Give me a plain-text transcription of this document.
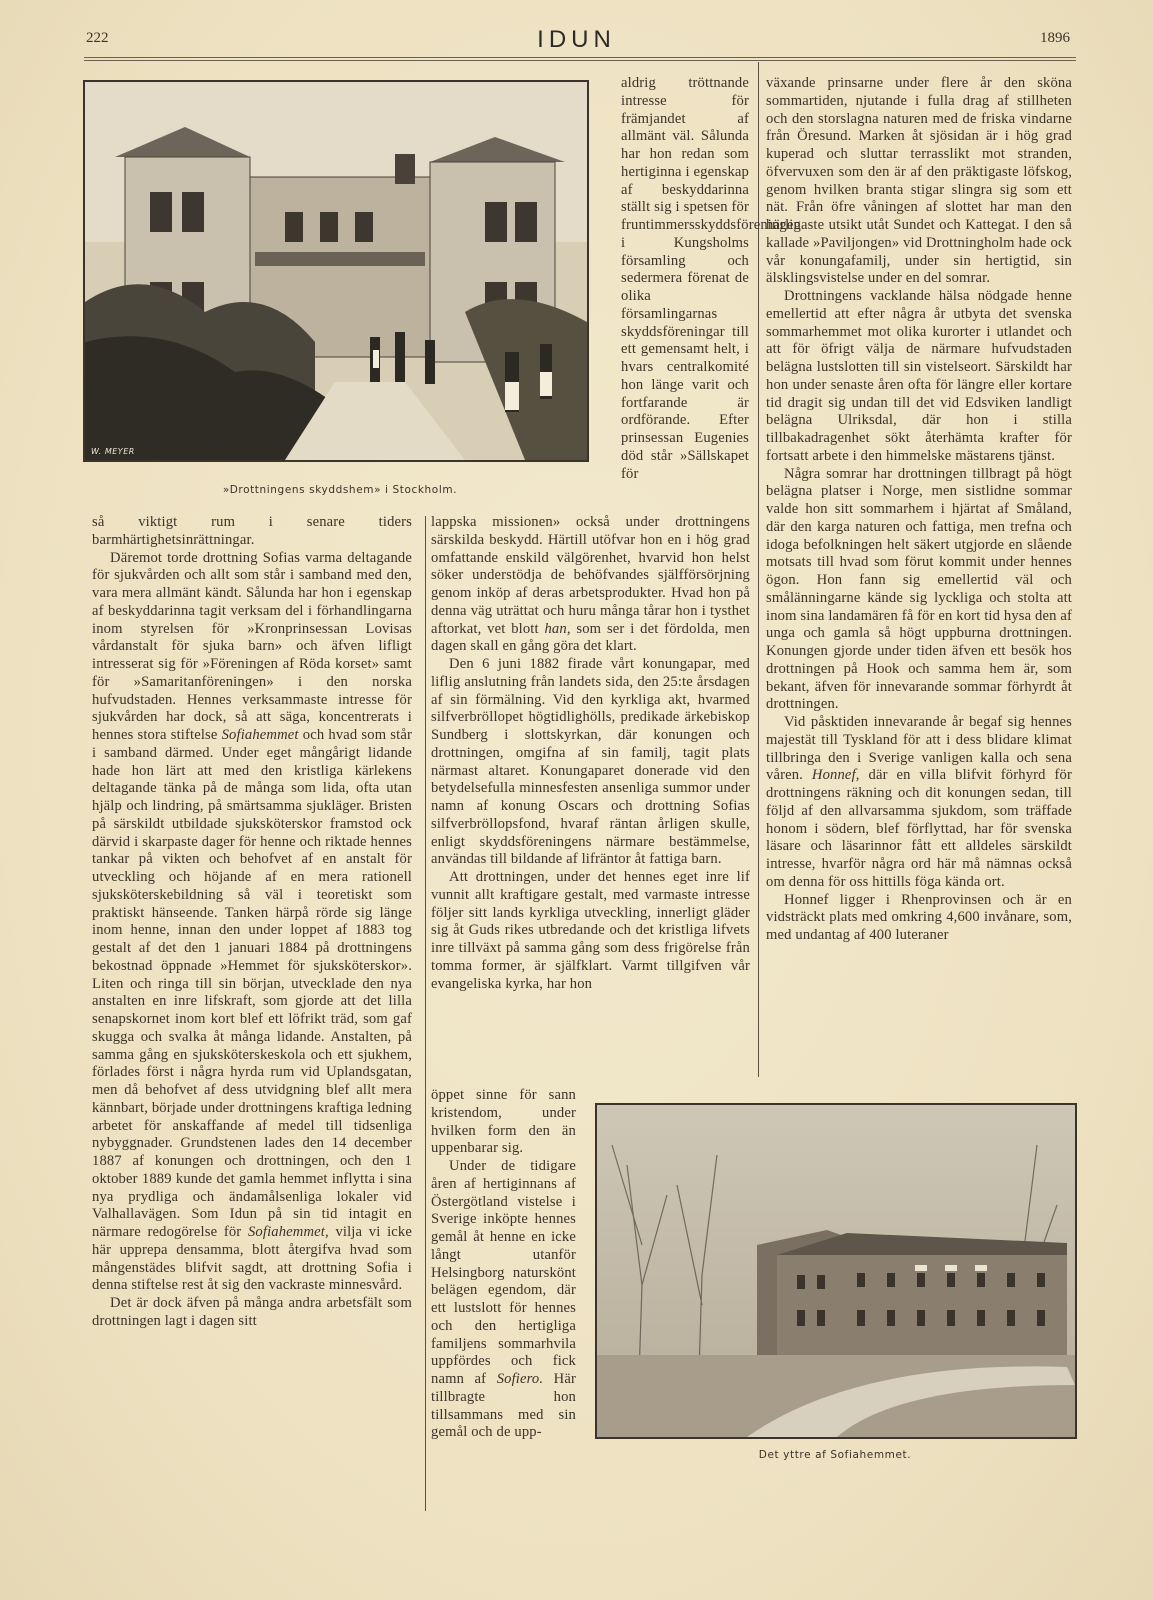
222	IDUN	1896
W. MEYER
»Drottningens skyddshem» i Stockholm.

så viktigt rum i senare tiders barmhärtighetsinrättningar.

Däremot torde drottning Sofias varma deltagande för sjukvården och allt som står i samband med den, vara mera allmänt kändt. Sålunda har hon i egenskap af beskyddarinna tagit verksam del i förhandlingarna inom styrelsen för »Kronprinsessan Lovisas vårdanstalt för sjuka barn» och äfven lifligt intresserat sig för »Föreningen af Röda korset» samt för »Samaritanföreningen» i den norska hufvudstaden. Hennes verksammaste intresse för sjukvården har dock, så att säga, koncentrerats i hennes stora stiftelse Sofiahemmet och hvad som står i samband därmed. Under eget mångårigt lidande hade hon lärt att med den kristliga kärlekens deltagande tänka på de många som lida, ofta utan hjälp och lindring, på smärtsamma sjukläger. Bristen på särskildt utbildade sjuksköterskor framstod ock därvid i skarpaste dager för henne och riktade hennes tankar på vikten och behofvet af en anstalt för utveckling och höjande af en mera rationell sjuksköterskebildning så väl i teoretiskt som praktiskt hänseende. Tanken härpå rörde sig länge inom henne, innan den under loppet af 1883 tog gestalt af det den 1 januari 1884 på drottningens bekostnad öppnade »Hemmet för sjuksköterskor». Liten och ringa till sin början, utvecklade den nya anstalten en inre lifskraft, som gjorde att det lilla senapskornet inom kort blef ett löfrikt träd, som gaf skugga och svalka åt många lidande. Anstalten, på samma gång en sjuksköterskeskola och ett sjukhem, förlades först i några hyrda rum vid Uplandsgatan, men då behofvet af dess utvidgning blef allt mera kännbart, började under drottningens kraftiga ledning arbetet för anskaffande af medel till tidsenliga nybyggnader. Grundstenen lades den 14 december 1887 af konungen och drottningen, och den 1 oktober 1889 kunde det gamla hemmet inflytta i sina nya prydliga och ändamålsenliga lokaler vid Valhallavägen. Som Idun på sin tid intagit en närmare redogörelse för Sofiahemmet, vilja vi icke här upprepa densamma, blott återgifva hvad som mångenstädes blifvit sagdt, att drottning Sofia i denna stiftelse rest åt sig den vackraste minnesvård.

Det är dock äfven på många andra arbetsfält som drottningen lagt i dagen sitt

aldrig tröttnande intresse för främjandet af allmänt väl. Sålunda har hon redan som hertiginna i egenskap af beskyddarinna ställt sig i spetsen för fruntimmersskyddsföreningen i Kungsholms församling och sedermera förenat de olika församlingarnas skyddsföreningar till ett gemensamt helt, i hvars centralkomité hon länge varit och fortfarande är ordförande. Efter prinsessan Eugenies död står »Sällskapet för

lappska missionen» också under drottningens särskilda beskydd. Härtill utöfvar hon en i hög grad omfattande enskild välgörenhet, hvarvid hon helst söker understödja de behöfvandes själfförsörjning genom inköp af deras arbetsprodukter. Hvad hon på denna väg uträttat och huru många tårar hon i tysthet aftorkat, vet blott han, som ser i det fördolda, men dagen skall en gång göra det klart.

Den 6 juni 1882 firade vårt konungapar, med liflig anslutning från landets sida, den 25:te årsdagen af sin förmälning. Vid den kyrkliga akt, hvarmed silfverbröllopet högtidlighölls, predikade ärkebiskop Sundberg i slottskyrkan, där konungen och drottningen, omgifna af sin familj, tagit plats närmast altaret. Konungaparet donerade vid den betydelsefulla minnesfesten ansenliga summor under namn af konung Oscars och drottning Sofias silfverbröllopsfond, hvaraf räntan årligen skulle, enligt skyddsföreningens närmare bestämmelse, användas till bildande af lifräntor åt fattiga barn.

Att drottningen, under det hennes eget inre lif vunnit allt kraftigare gestalt, med varmaste intresse följer sitt lands kyrkliga utveckling, innerligt gläder sig åt Guds rikes utbredande och det kristliga lifvets inre tillväxt på samma gång som dess frigörelse från tomma former, är själfklart. Varmt tillgifven vår evangeliska kyrka, har hon

öppet sinne för sann kristendom, under hvilken form den än uppenbarar sig.

Under de tidigare åren af hertiginnans af Östergötland vistelse i Sverige inköpte hennes gemål åt henne en icke långt utanför Helsingborg naturskönt belägen egendom, där ett lustslott för hennes och den hertigliga familjens sommarhvila uppfördes och fick namn af Sofiero. Här tillbragte hon tillsammans med sin gemål och de upp-

växande prinsarne under flere år den sköna sommartiden, njutande i fulla drag af stillheten och den storslagna naturen med de friska vindarne från Öresund. Marken åt sjösidan är i hög grad kuperad och sluttar terrasslikt mot stranden, öfvervuxen som den är af den präktigaste löfskog, genom hvilken branta stigar slingra sig som ett nät. Från öfre våningen af slottet har man den härligaste utsikt utåt Sundet och Kattegat. I den så kallade »Paviljongen» vid Drottningholm hade ock vår konungafamilj, under sin hertigtid, sin älsklingsvistelse under en del somrar.

Drottningens vacklande hälsa nödgade henne emellertid att efter några år utbyta det svenska sommarhemmet mot olika kurorter i utlandet och att för öfrigt välja de närmare hufvudstaden belägna lustslotten till sin vistelseort. Särskildt har hon under senaste åren ofta för längre eller kortare tid dragit sig undan till det vid Edsviken landligt belägna Ulriksdal, där hon i stilla tillbakadragenhet sökt återhämta krafter för fortsatt arbete i den himmelske mästarens tjänst.

Några somrar har drottningen tillbragt på högt belägna platser i Norge, men sistlidne sommar valde hon sitt sommarhem i hjärtat af Småland, där den karga naturen och fattiga, men trefna och idoga befolkningen helt säkert utgjorde en slående motsats till hvad som förut kommit under hennes ögon. Hon fann sig emellertid väl och smålänningarne kände sig lyckliga och stolta att inom sina landamären få för en kort tid hysa den af unga och gamla så högt uppburna drottningen. Konungen gjorde under tiden äfven ett besök hos drottningen på Hook och samma hem är, som bekant, äfven för innevarande sommar förhyrdt åt drottningen.

Vid påsktiden innevarande år begaf sig hennes majestät till Tyskland för att i dess blidare klimat tillbringa den i Sverige vanligen kalla och sena våren. Honnef, där en villa blifvit förhyrd för drottningens räkning och dit konungen sedan, till följd af den allvarsamma sjukdom, som träffade honom i södern, blef förflyttad, har för svenska läsare och läsarinnor fått ett alldeles särskildt intresse, hvarför några ord här må nämnas också om denna för oss hittills föga kända ort.

Honnef ligger i Rhenprovinsen och är en vidsträckt plats med omkring 4,600 invånare, som, med undantag af 400 luteraner

Det yttre af Sofiahemmet.
